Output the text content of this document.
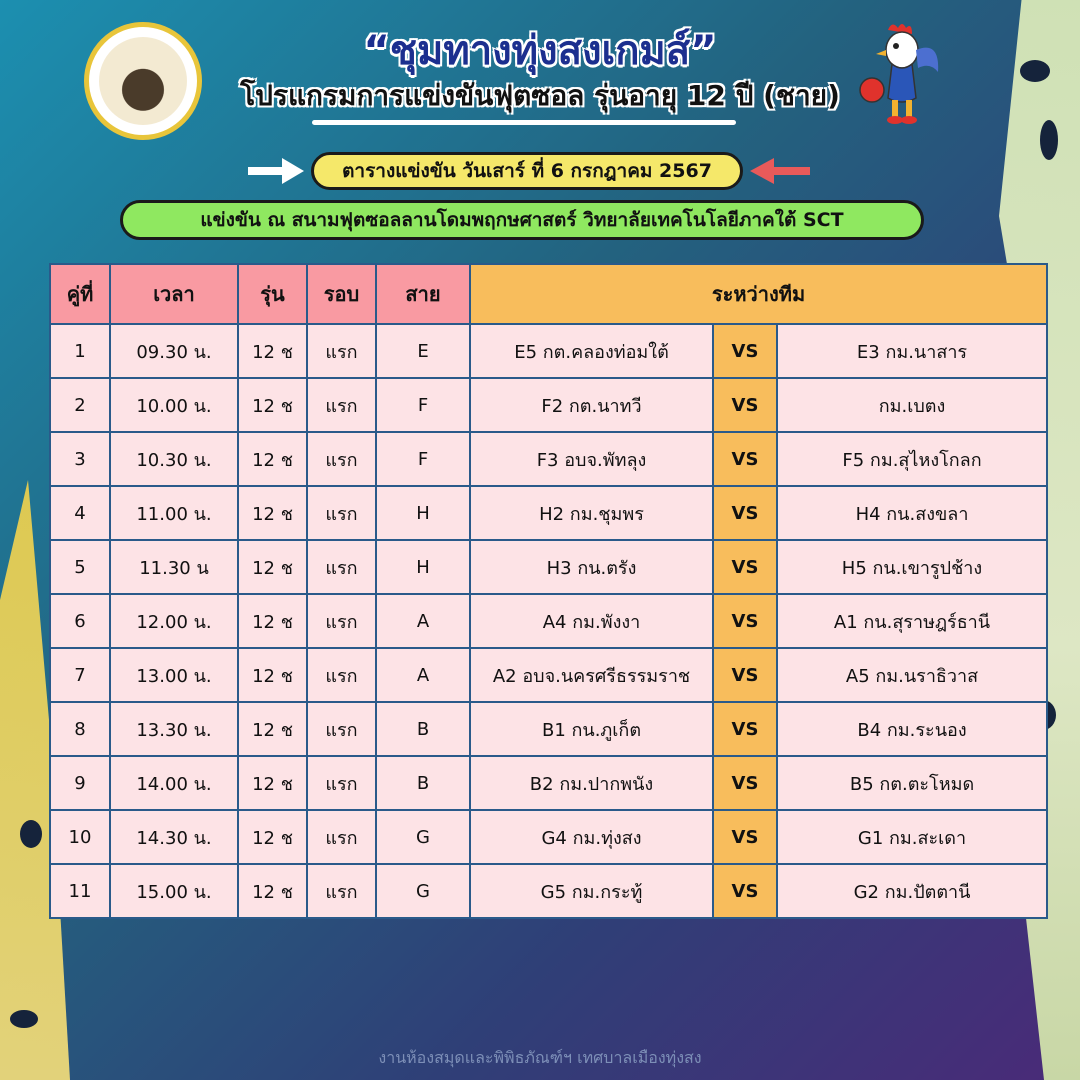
“ชุมทางทุ่งสงเกมส์”
โปรแกรมการแข่งขันฟุตซอล รุ่นอายุ 12 ปี (ชาย)
ตารางแข่งขัน วันเสาร์ ที่ 6 กรกฎาคม 2567
แข่งขัน ณ สนามฟุตซอลลานโดมพฤกษศาสตร์ วิทยาลัยเทคโนโลยีภาคใต้ SCT
คู่ที่	เวลา	รุ่น	รอบ	สาย	ระหว่างทีม		
1	09.30 น.	12 ช	แรก	E	E5 กต.คลองท่อมใต้	VS	E3 กม.นาสาร
2	10.00 น.	12 ช	แรก	F	F2 กต.นาทวี	VS	กม.เบตง
3	10.30 น.	12 ช	แรก	F	F3 อบจ.พัทลุง	VS	F5 กม.สุไหงโกลก
4	11.00 น.	12 ช	แรก	H	H2 กม.ชุมพร	VS	H4 กน.สงขลา
5	11.30 น	12 ช	แรก	H	H3 กน.ตรัง	VS	H5 กน.เขารูปช้าง
6	12.00 น.	12 ช	แรก	A	A4 กม.พังงา	VS	A1 กน.สุราษฎร์ธานี
7	13.00 น.	12 ช	แรก	A	A2 อบจ.นครศรีธรรมราช	VS	A5 กม.นราธิวาส
8	13.30 น.	12 ช	แรก	B	B1 กน.ภูเก็ต	VS	B4 กม.ระนอง
9	14.00 น.	12 ช	แรก	B	B2 กม.ปากพนัง	VS	B5 กต.ตะโหมด
10	14.30 น.	12 ช	แรก	G	G4 กม.ทุ่งสง	VS	G1 กม.สะเดา
11	15.00 น.	12 ช	แรก	G	G5 กม.กระทู้	VS	G2 กม.ปัตตานี
งานห้องสมุดและพิพิธภัณฑ์ฯ เทศบาลเมืองทุ่งสง
